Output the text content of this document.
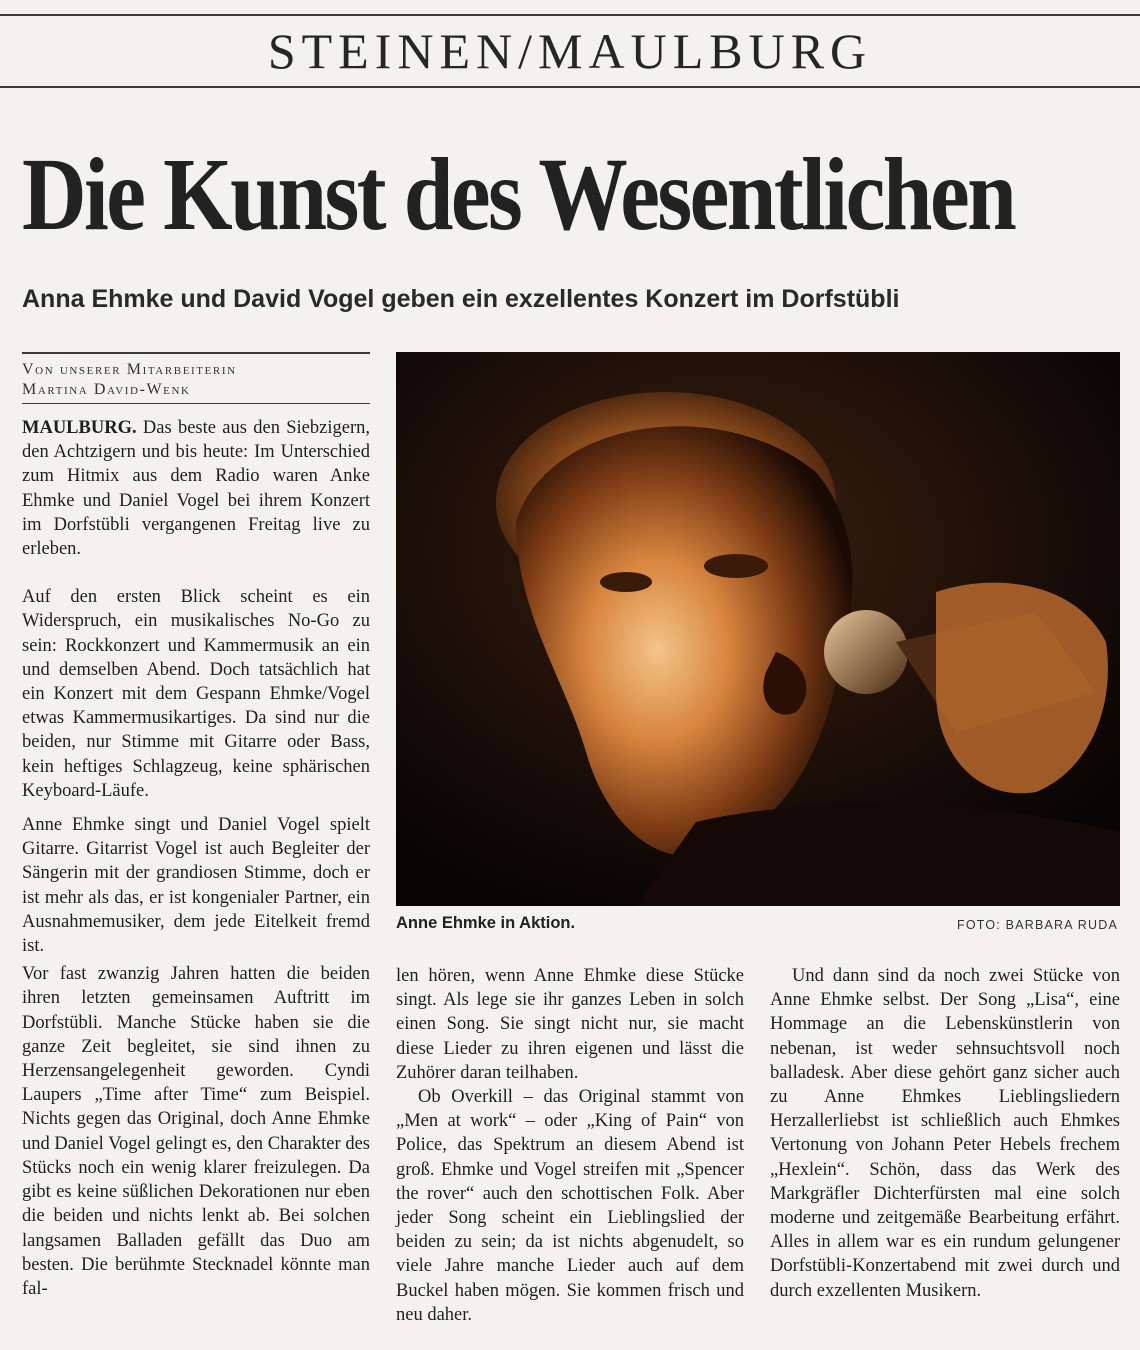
STEINEN/MAULBURG
Die Kunst des Wesentlichen
Anna Ehmke und David Vogel geben ein exzellentes Konzert im Dorfstübli
Von unserer Mitarbeiterin
Martina David-Wenk

MAULBURG. Das beste aus den Siebzigern, den Achtzigern und bis heute: Im Unterschied zum Hitmix aus dem Radio waren Anke Ehmke und Daniel Vogel bei ihrem Konzert im Dorfstübli vergangenen Freitag live zu erleben.

Auf den ersten Blick scheint es ein Widerspruch, ein musikalisches No-Go zu sein: Rockkonzert und Kammermusik an ein und demselben Abend. Doch tatsächlich hat ein Konzert mit dem Gespann Ehmke/Vogel etwas Kammermusikartiges. Da sind nur die beiden, nur Stimme mit Gitarre oder Bass, kein heftiges Schlagzeug, keine sphärischen Keyboard-Läufe.

Anne Ehmke singt und Daniel Vogel spielt Gitarre. Gitarrist Vogel ist auch Begleiter der Sängerin mit der grandiosen Stimme, doch er ist mehr als das, er ist kongenialer Partner, ein Ausnahmemusiker, dem jede Eitelkeit fremd ist.

Vor fast zwanzig Jahren hatten die beiden ihren letzten gemeinsamen Auftritt im Dorfstübli. Manche Stücke haben sie die ganze Zeit begleitet, sie sind ihnen zu Herzensangelegenheit geworden. Cyndi Laupers „Time after Time“ zum Beispiel. Nichts gegen das Original, doch Anne Ehmke und Daniel Vogel gelingt es, den Charakter des Stücks noch ein wenig klarer freizulegen. Da gibt es keine süßlichen Dekorationen nur eben die beiden und nichts lenkt ab. Bei solchen langsamen Balladen gefällt das Duo am besten. Die berühmte Stecknadel könnte man fal-

Anne Ehmke in Aktion.	FOTO: BARBARA RUDA

len hören, wenn Anne Ehmke diese Stücke singt. Als lege sie ihr ganzes Leben in solch einen Song. Sie singt nicht nur, sie macht diese Lieder zu ihren eigenen und lässt die Zuhörer daran teilhaben.

Ob Overkill – das Original stammt von „Men at work“ – oder „King of Pain“ von Police, das Spektrum an diesem Abend ist groß. Ehmke und Vogel streifen mit „Spencer the rover“ auch den schottischen Folk. Aber jeder Song scheint ein Lieblingslied der beiden zu sein; da ist nichts abgenudelt, so viele Jahre manche Lieder auch auf dem Buckel haben mögen. Sie kommen frisch und neu daher.

Und dann sind da noch zwei Stücke von Anne Ehmke selbst. Der Song „Lisa“, eine Hommage an die Lebenskünstlerin von nebenan, ist weder sehnsuchtsvoll noch balladesk. Aber diese gehört ganz sicher auch zu Anne Ehmkes Lieblingsliedern Herzallerliebst ist schließlich auch Ehmkes Vertonung von Johann Peter Hebels frechem „Hexlein“. Schön, dass das Werk des Markgräfler Dichterfürsten mal eine solch moderne und zeitgemäße Bearbeitung erfährt. Alles in allem war es ein rundum gelungener Dorfstübli-Konzertabend mit zwei durch und durch exzellenten Musikern.
